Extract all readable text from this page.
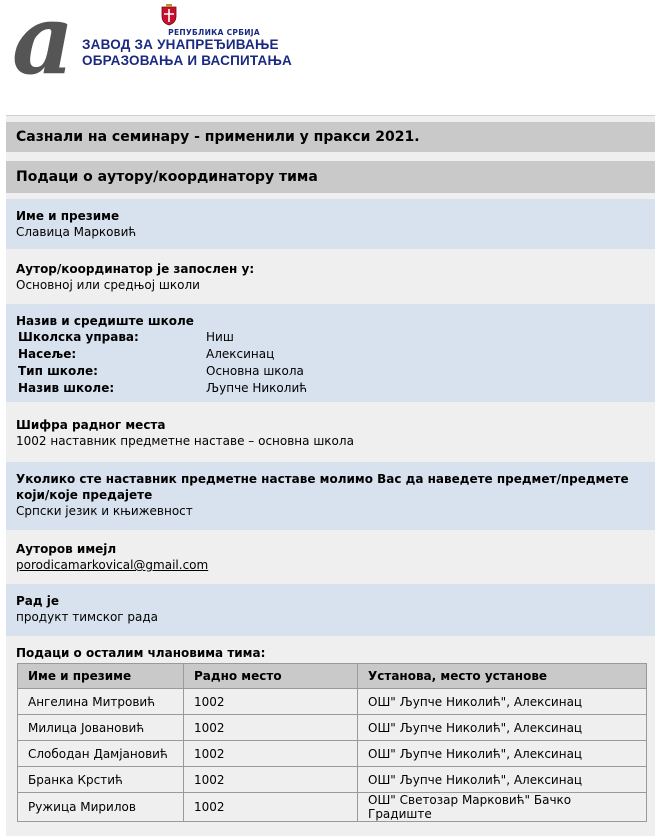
a	РЕПУБЛИКА СРБИЈА
ЗАВОД ЗА УНАПРЕЂИВАЊЕ
ОБРАЗОВАЊА И ВАСПИТАЊА
Сазнали на семинару - применили у пракси 2021.
Подаци о аутору/координатору тима
Име и презиме
Славица Марковић
Аутор/координатор је запослен у:
Основној или средњој школи
Назив и средиште школе
Школска управа:	Ниш
Насеље:	Алексинац
Тип школе:	Основна школа
Назив школе:	Љупче Николић
Шифра радног места
1002 наставник предметне наставе – основна школа
Уколико сте наставник предметне наставе молимо Вас да наведете предмет/предмете који/које предајете
Српски језик и књижевност
Ауторов имејл
porodicamarkovical@gmail.com
Рад је
продукт тимског рада
Подаци о осталим члановима тима:
Име и презиме	Радно место	Установа, место установе
Ангелина Митровић	1002	ОШ" Љупче Николић", Алексинац
Милица Јовановић	1002	ОШ" Љупче Николић", Алексинац
Слободан Дамјановић	1002	ОШ" Љупче Николић", Алексинац
Бранка Крстић	1002	ОШ" Љупче Николић", Алексинац
Ружица Мирилов	1002	ОШ" Светозар Марковић" Бачко Градиште
